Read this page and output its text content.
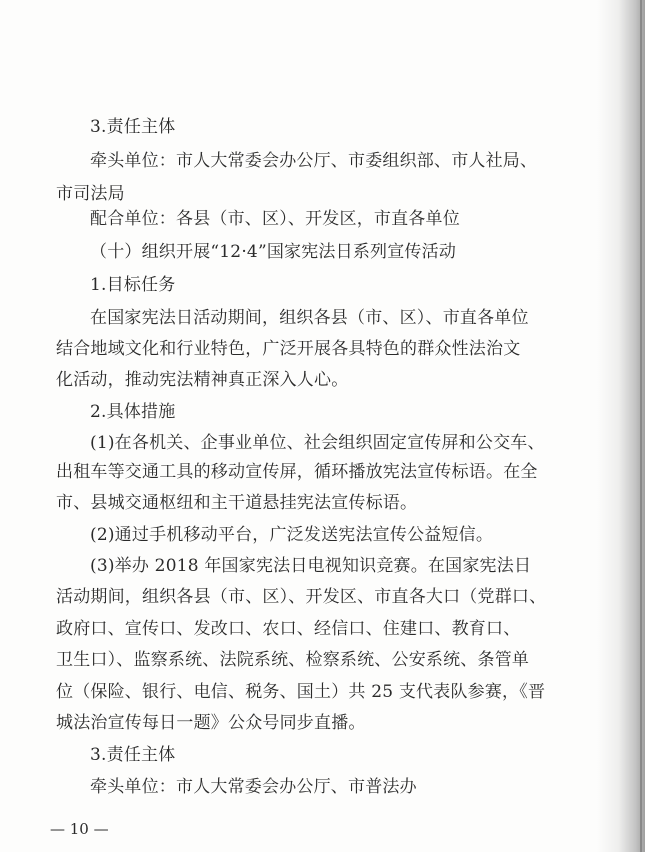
3.责任主体
牵头单位：市人大常委会办公厅、市委组织部、市人社局、
市司法局
配合单位：各县（市、区）、开发区，市直各单位
（十）组织开展“12·4”国家宪法日系列宣传活动
1.目标任务
在国家宪法日活动期间，组织各县（市、区）、市直各单位
结合地域文化和行业特色，广泛开展各具特色的群众性法治文
化活动，推动宪法精神真正深入人心。
2.具体措施
(1)在各机关、企事业单位、社会组织固定宣传屏和公交车、
出租车等交通工具的移动宣传屏，循环播放宪法宣传标语。在全
市、县城交通枢纽和主干道悬挂宪法宣传标语。
(2)通过手机移动平台，广泛发送宪法宣传公益短信。
(3)举办 2018 年国家宪法日电视知识竞赛。在国家宪法日
活动期间，组织各县（市、区）、开发区、市直各大口（党群口、
政府口、宣传口、发改口、农口、经信口、住建口、教育口、
卫生口）、监察系统、法院系统、检察系统、公安系统、条管单
位（保险、银行、电信、税务、国土）共 25 支代表队参赛，《晋
城法治宣传每日一题》公众号同步直播。
3.责任主体
牵头单位：市人大常委会办公厅、市普法办
— 10 —
